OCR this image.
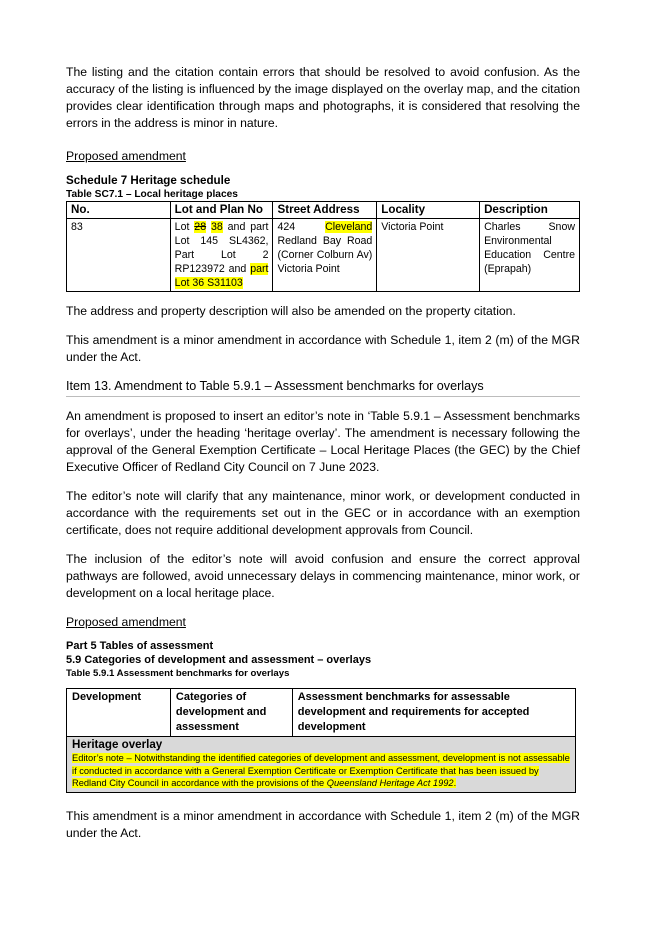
The listing and the citation contain errors that should be resolved to avoid confusion. As the accuracy of the listing is influenced by the image displayed on the overlay map, and the citation provides clear identification through maps and photographs, it is considered that resolving the errors in the address is minor in nature.

Proposed amendment

Schedule 7 Heritage schedule

Table SC7.1 – Local heritage places

No.	Lot and Plan No	Street Address	Locality	Description
83	Lot 28 38 and part Lot 145 SL4362, Part Lot 2 RP123972 and part Lot 36 S31103	424 Cleveland Redland Bay Road (Corner Colburn Av) Victoria Point	Victoria Point	Charles Snow Environmental Education Centre (Eprapah)

The address and property description will also be amended on the property citation.

This amendment is a minor amendment in accordance with Schedule 1, item 2 (m) of the MGR under the Act.

Item 13. Amendment to Table 5.9.1 – Assessment benchmarks for overlays

An amendment is proposed to insert an editor’s note in ‘Table 5.9.1 – Assessment benchmarks for overlays’, under the heading ‘heritage overlay’. The amendment is necessary following the approval of the General Exemption Certificate – Local Heritage Places (the GEC) by the Chief Executive Officer of Redland City Council on 7 June 2023.

The editor’s note will clarify that any maintenance, minor work, or development conducted in accordance with the requirements set out in the GEC or in accordance with an exemption certificate, does not require additional development approvals from Council.

The inclusion of the editor’s note will avoid confusion and ensure the correct approval pathways are followed, avoid unnecessary delays in commencing maintenance, minor work, or development on a local heritage place.

Proposed amendment

Part 5 Tables of assessment

5.9 Categories of development and assessment – overlays

Table 5.9.1 Assessment benchmarks for overlays

Development	Categories of development and assessment	Assessment benchmarks for assessable development and requirements for accepted development

Heritage overlay
Editor’s note – Notwithstanding the identified categories of development and assessment, development is not assessable if conducted in accordance with a General Exemption Certificate or Exemption Certificate that has been issued by Redland City Council in accordance with the provisions of the Queensland Heritage Act 1992.

This amendment is a minor amendment in accordance with Schedule 1, item 2 (m) of the MGR under the Act.
